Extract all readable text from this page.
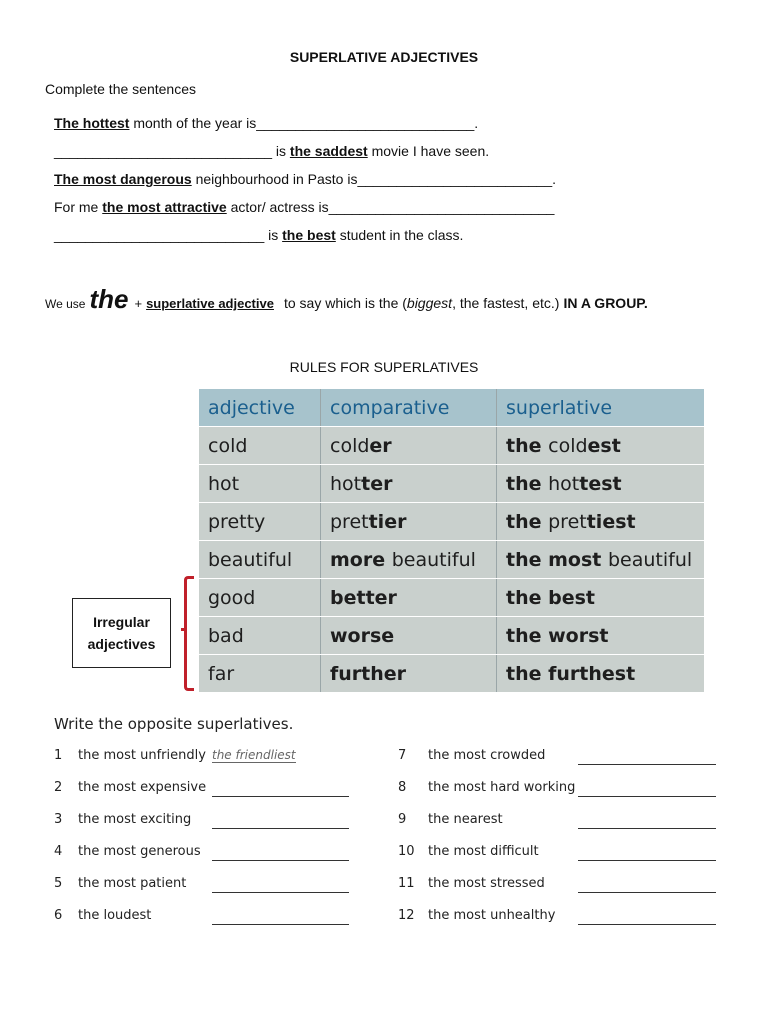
SUPERLATIVE ADJECTIVES
Complete the sentences
The hottest month of the year is____________________________.
____________________________ is the saddest movie I have seen.
The most dangerous neighbourhood in Pasto is_________________________.
For me the most attractive actor/ actress is_____________________________
___________________________ is the best student in the class.
We use the + superlative adjective to say which is the ( biggest , the fastest, etc.) IN A GROUP.
RULES FOR SUPERLATIVES
adjective	comparative	superlative
cold	colder	the coldest
hot	hotter	the hottest
pretty	prettier	the prettiest
beautiful	more beautiful	the most beautiful
good	better	the best
bad	worse	the worst
far	further	the furthest
Irregular
adjectives
Write the opposite superlatives.
1 the most unfriendly the friendliest
2 the most expensive
3 the most exciting
4 the most generous
5 the most patient
6 the loudest
7 the most crowded
8 the most hard working
9 the nearest
10 the most difficult
11 the most stressed
12 the most unhealthy
